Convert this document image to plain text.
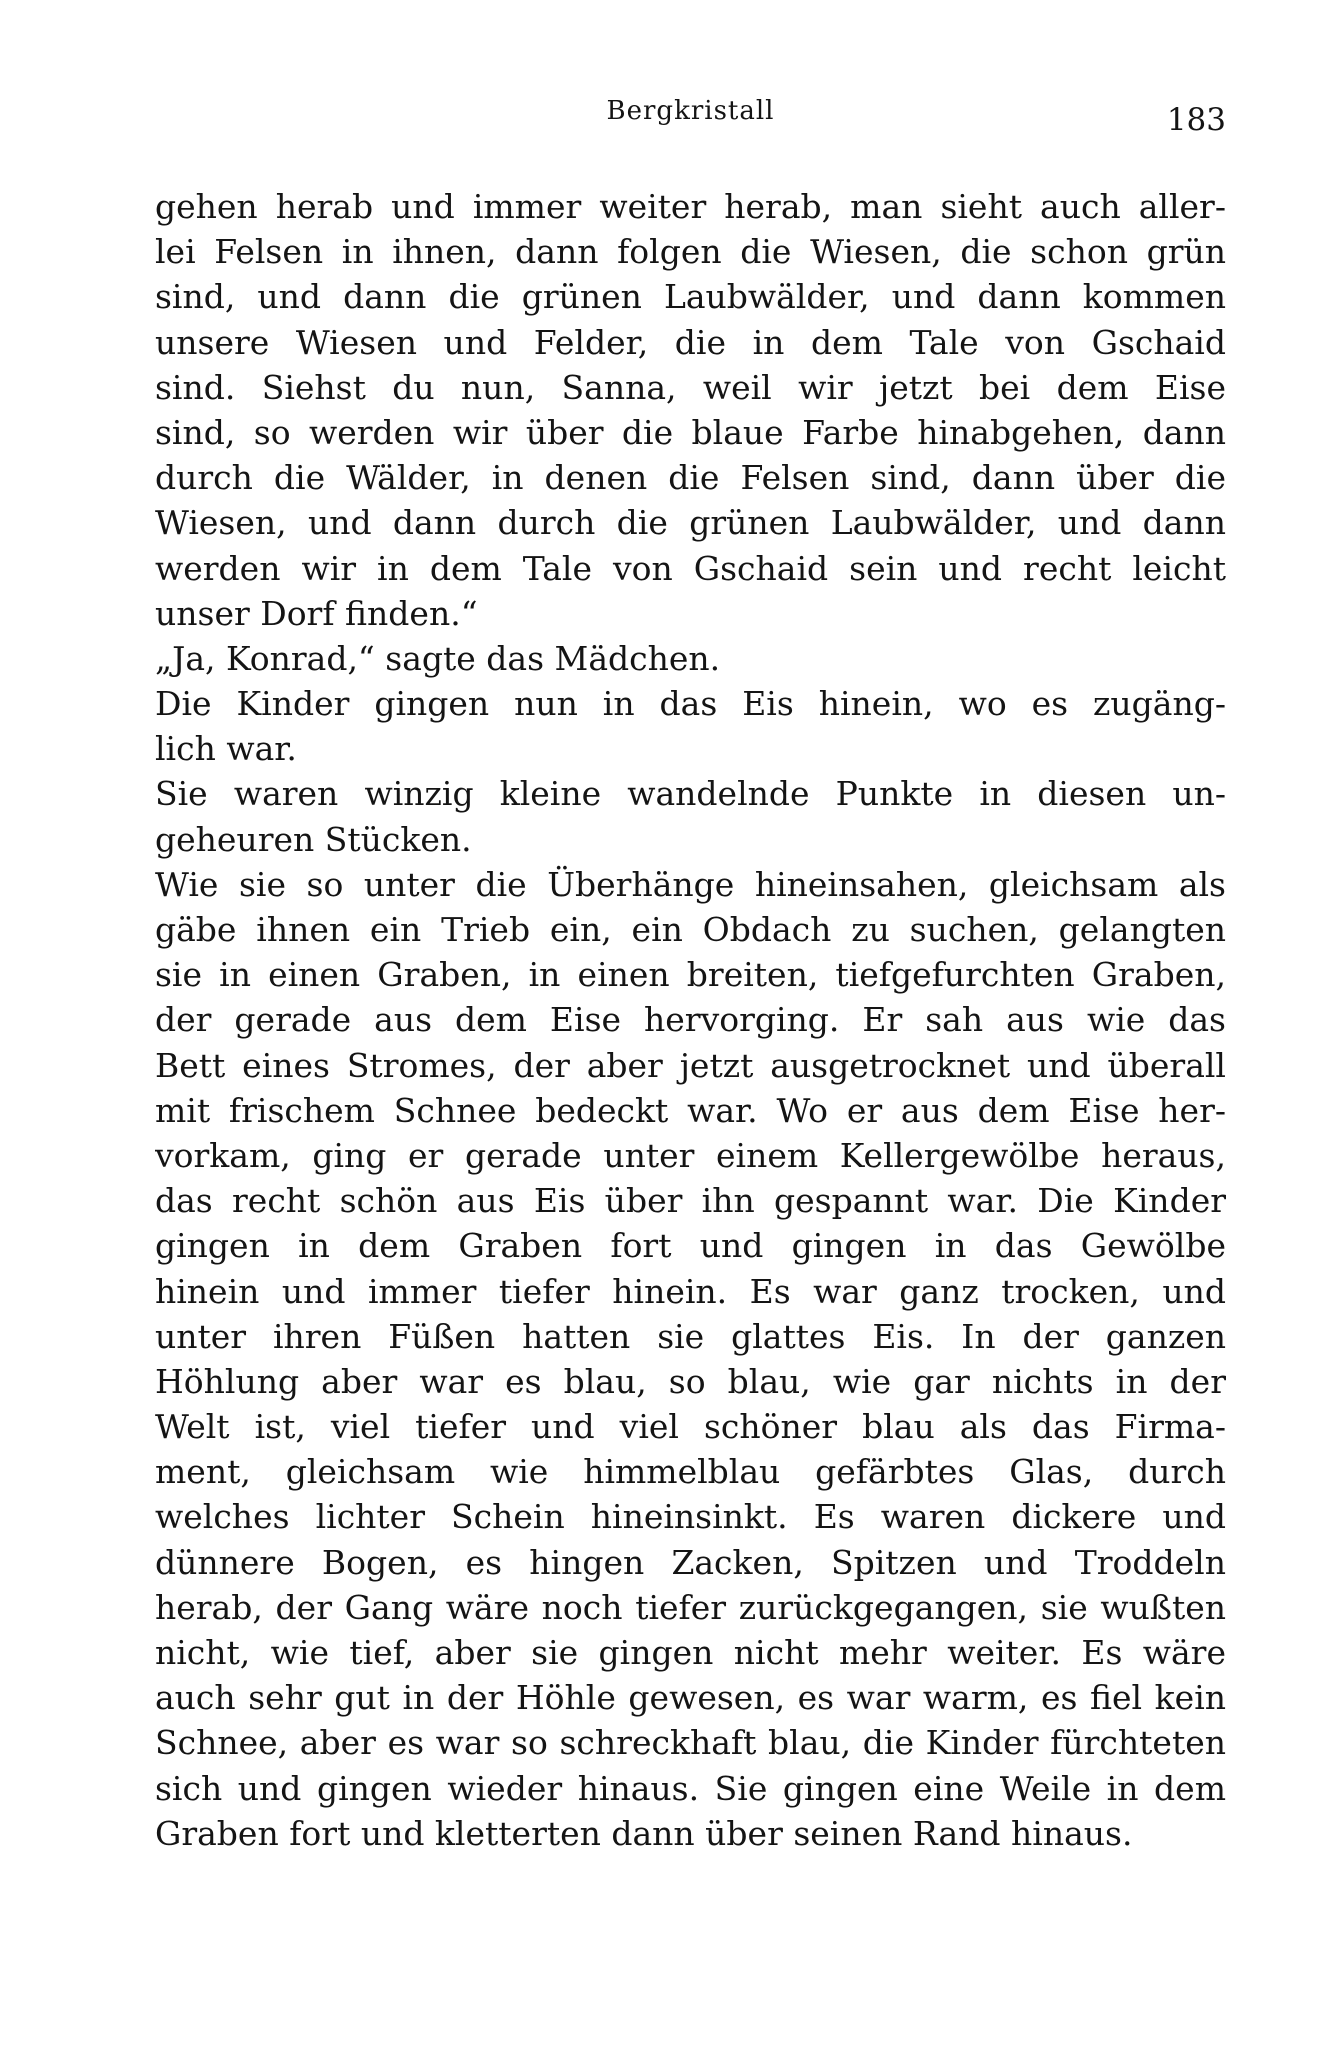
Bergkristall	183
gehen herab und immer weiter herab, man sieht auch aller-
lei Felsen in ihnen, dann folgen die Wiesen, die schon grün
sind, und dann die grünen Laubwälder, und dann kommen
unsere Wiesen und Felder, die in dem Tale von Gschaid
sind. Siehst du nun, Sanna, weil wir jetzt bei dem Eise
sind, so werden wir über die blaue Farbe hinabgehen, dann
durch die Wälder, in denen die Felsen sind, dann über die
Wiesen, und dann durch die grünen Laubwälder, und dann
werden wir in dem Tale von Gschaid sein und recht leicht
unser Dorf finden.“
„Ja, Konrad,“ sagte das Mädchen.
Die Kinder gingen nun in das Eis hinein, wo es zugäng-
lich war.
Sie waren winzig kleine wandelnde Punkte in diesen un-
geheuren Stücken.
Wie sie so unter die Überhänge hineinsahen, gleichsam als
gäbe ihnen ein Trieb ein, ein Obdach zu suchen, gelangten
sie in einen Graben, in einen breiten, tiefgefurchten Graben,
der gerade aus dem Eise hervorging. Er sah aus wie das
Bett eines Stromes, der aber jetzt ausgetrocknet und überall
mit frischem Schnee bedeckt war. Wo er aus dem Eise her-
vorkam, ging er gerade unter einem Kellergewölbe heraus,
das recht schön aus Eis über ihn gespannt war. Die Kinder
gingen in dem Graben fort und gingen in das Gewölbe
hinein und immer tiefer hinein. Es war ganz trocken, und
unter ihren Füßen hatten sie glattes Eis. In der ganzen
Höhlung aber war es blau, so blau, wie gar nichts in der
Welt ist, viel tiefer und viel schöner blau als das Firma-
ment, gleichsam wie himmelblau gefärbtes Glas, durch
welches lichter Schein hineinsinkt. Es waren dickere und
dünnere Bogen, es hingen Zacken, Spitzen und Troddeln
herab, der Gang wäre noch tiefer zurückgegangen, sie wußten
nicht, wie tief, aber sie gingen nicht mehr weiter. Es wäre
auch sehr gut in der Höhle gewesen, es war warm, es fiel kein
Schnee, aber es war so schreckhaft blau, die Kinder fürchteten
sich und gingen wieder hinaus. Sie gingen eine Weile in dem
Graben fort und kletterten dann über seinen Rand hinaus.
